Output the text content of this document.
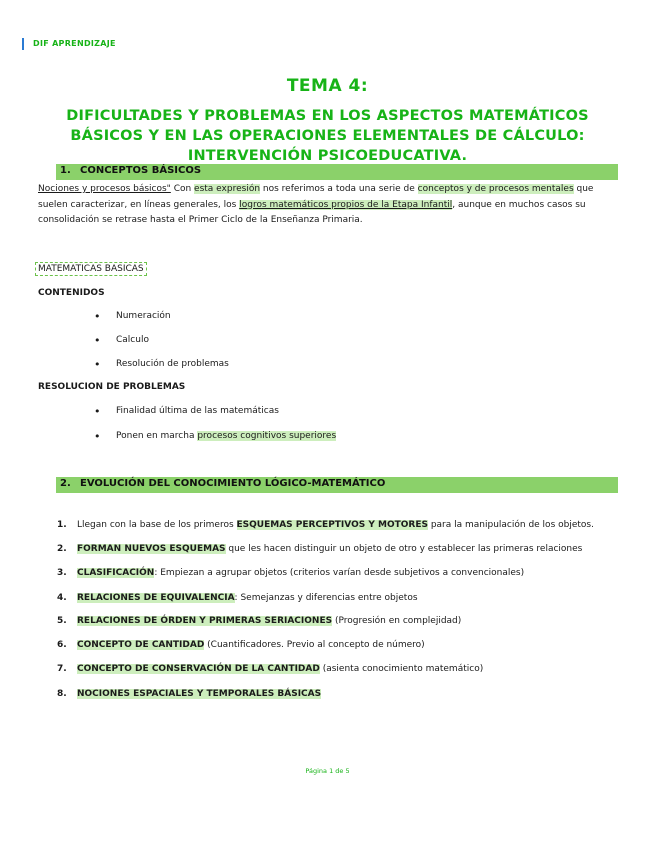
DIF APRENDIZAJE
TEMA 4:
DIFICULTADES Y PROBLEMAS EN LOS ASPECTOS MATEMÁTICOS BÁSICOS Y EN LAS OPERACIONES ELEMENTALES DE CÁLCULO: INTERVENCIÓN PSICOEDUCATIVA.
1. CONCEPTOS BÁSICOS
Nociones y procesos básicos" Con esta expresión nos referimos a toda una serie de conceptos y de procesos mentales que suelen caracterizar, en líneas generales, los logros matemáticos propios de la Etapa Infantil, aunque en muchos casos su consolidación se retrase hasta el Primer Ciclo de la Enseñanza Primaria.
MATEMATICAS BASICAS
CONTENIDOS
• Numeración
• Calculo
• Resolución de problemas
RESOLUCION DE PROBLEMAS
• Finalidad última de las matemáticas
• Ponen en marcha procesos cognitivos superiores
2. EVOLUCIÓN DEL CONOCIMIENTO LÓGICO-MATEMÁTICO
1.	Llegan con la base de los primeros ESQUEMAS PERCEPTIVOS Y MOTORES para la manipulación de los objetos.
2.	FORMAN NUEVOS ESQUEMAS que les hacen distinguir un objeto de otro y establecer las primeras relaciones
3.	CLASIFICACIÓN: Empiezan a agrupar objetos (criterios varían desde subjetivos a convencionales)
4.	RELACIONES DE EQUIVALENCIA: Semejanzas y diferencias entre objetos
5.	RELACIONES DE ÓRDEN Y PRIMERAS SERIACIONES (Progresión en complejidad)
6.	CONCEPTO DE CANTIDAD (Cuantificadores. Previo al concepto de número)
7.	CONCEPTO DE CONSERVACIÓN DE LA CANTIDAD (asienta conocimiento matemático)
8.	NOCIONES ESPACIALES Y TEMPORALES BÁSICAS
Página 1 de 5
